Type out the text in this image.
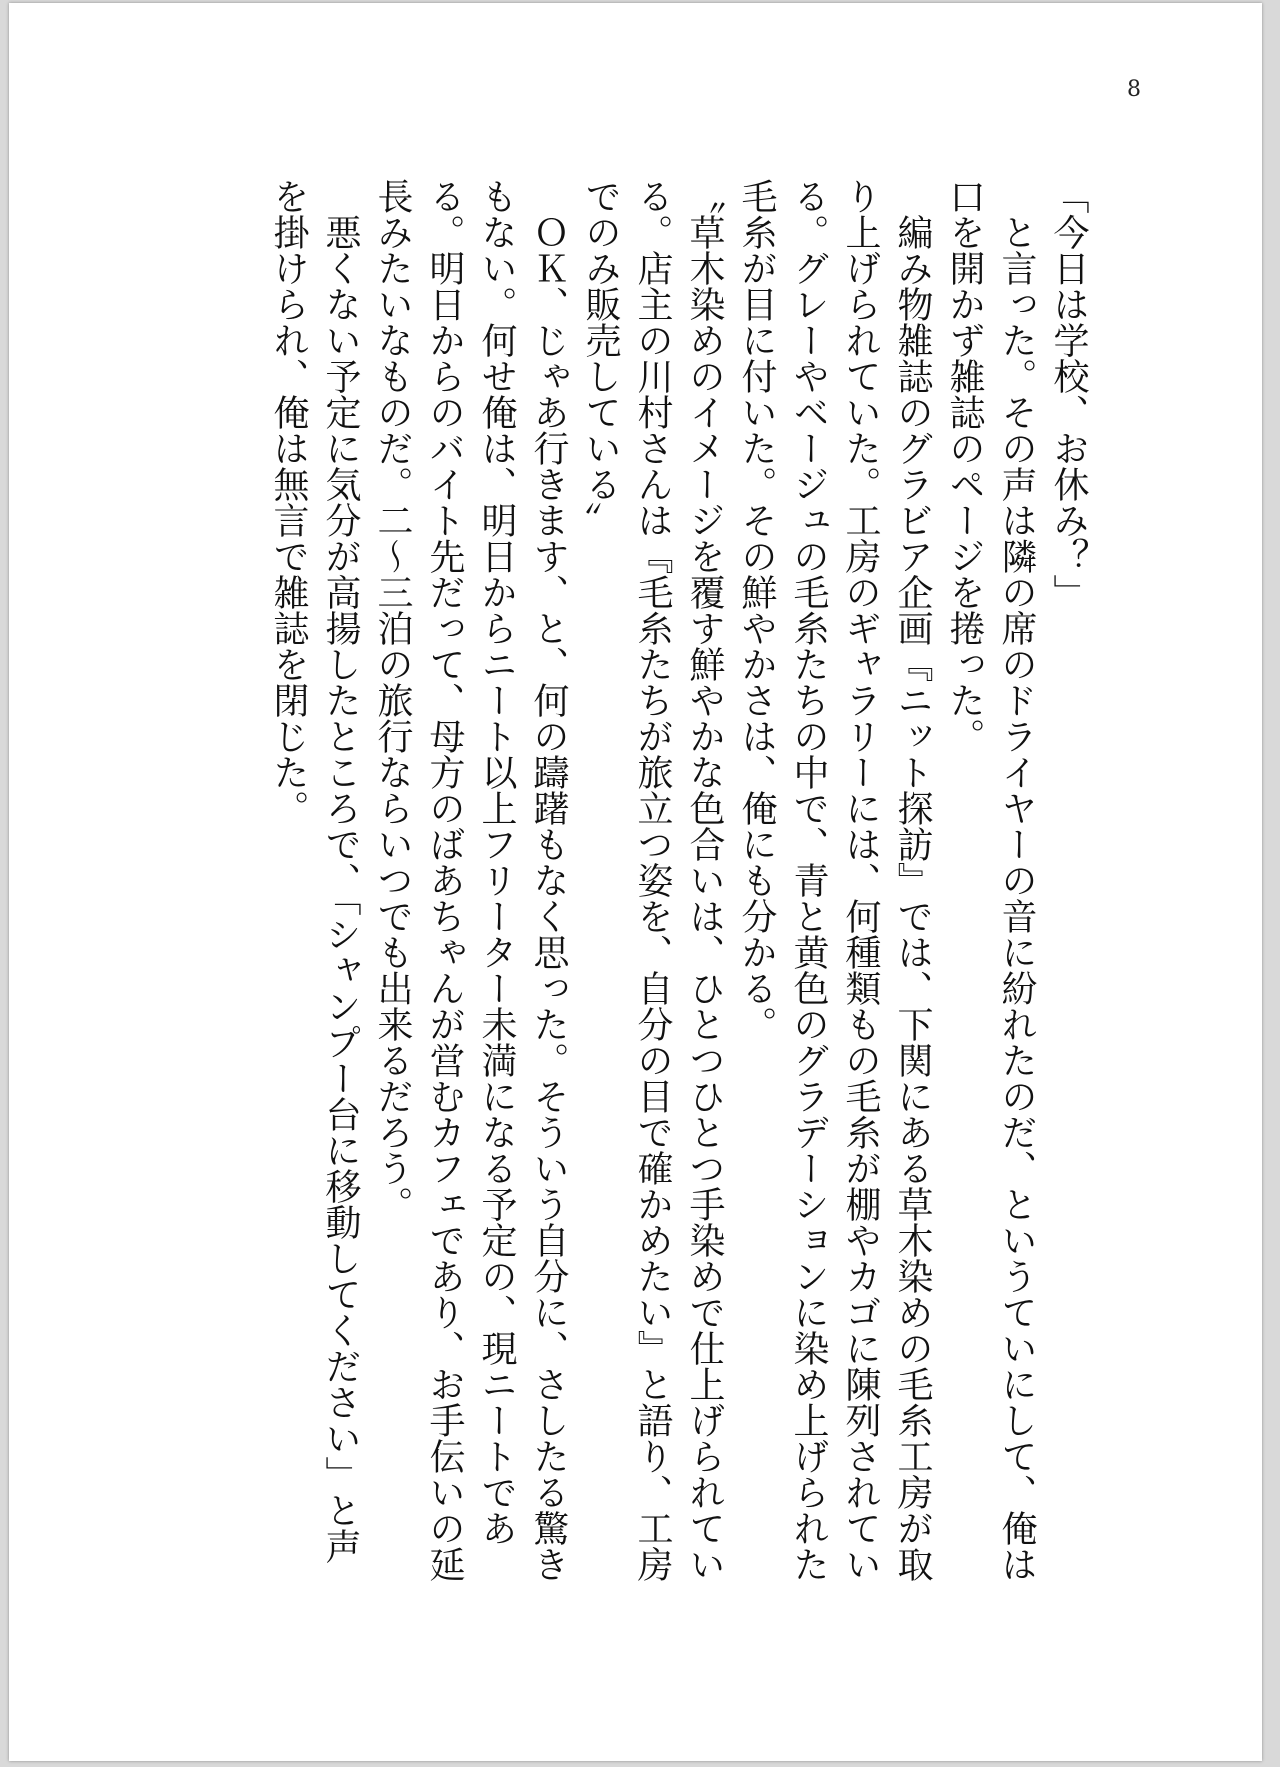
8

「今日は学校、お休み？」

　と言った。その声は隣の席のドライヤーの音に紛れたのだ、というていにして、俺は口を開かず雑誌のページを捲った。

　編み物雑誌のグラビア企画『ニット探訪』では、下関にある草木染めの毛糸工房が取り上げられていた。工房のギャラリーには、何種類もの毛糸が棚やカゴに陳列されている。グレーやベージュの毛糸たちの中で、青と黄色のグラデーションに染め上げられた毛糸が目に付いた。その鮮やかさは、俺にも分かる。

〝草木染めのイメージを覆す鮮やかな色合いは、ひとつひとつ手染めで仕上げられている。店主の川村さんは『毛糸たちが旅立つ姿を、自分の目で確かめたい』と語り、工房でのみ販売している〟

　ＯＫ、じゃあ行きます、と、何の躊躇もなく思った。そういう自分に、さしたる驚きもない。何せ俺は、明日からニート以上フリーター未満になる予定の、現ニートである。明日からのバイト先だって、母方のばあちゃんが営むカフェであり、お手伝いの延長みたいなものだ。二～三泊の旅行ならいつでも出来るだろう。

　悪くない予定に気分が高揚したところで、「シャンプー台に移動してください」と声を掛けられ、俺は無言で雑誌を閉じた。
